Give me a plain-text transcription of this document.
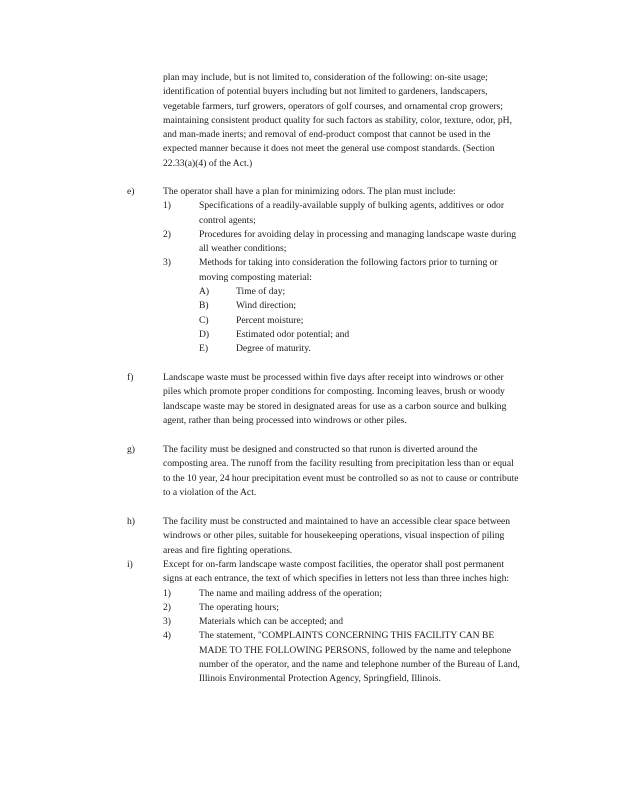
plan may include, but is not limited to, consideration of the following: on-site usage; identification of potential buyers including but not limited to gardeners, landscapers, vegetable farmers, turf growers, operators of golf courses, and ornamental crop growers; maintaining consistent product quality for such factors as stability, color, texture, odor, pH, and man-made inerts; and removal of end-product compost that cannot be used in the expected manner because it does not meet the general use compost standards. (Section 22.33(a)(4) of the Act.)

e)	The operator shall have a plan for minimizing odors. The plan must include:

1)	Specifications of a readily-available supply of bulking agents, additives or odor control agents;

2)	Procedures for avoiding delay in processing and managing landscape waste during all weather conditions;

3)	Methods for taking into consideration the following factors prior to turning or moving composting material:

A)	Time of day;

B)	Wind direction;

C)	Percent moisture;

D)	Estimated odor potential; and

E)	Degree of maturity.

f)	Landscape waste must be processed within five days after receipt into windrows or other piles which promote proper conditions for composting. Incoming leaves, brush or woody landscape waste may be stored in designated areas for use as a carbon source and bulking agent, rather than being processed into windrows or other piles.

g)	The facility must be designed and constructed so that runon is diverted around the composting area. The runoff from the facility resulting from precipitation less than or equal to the 10 year, 24 hour precipitation event must be controlled so as not to cause or contribute to a violation of the Act.

h)	The facility must be constructed and maintained to have an accessible clear space between windrows or other piles, suitable for housekeeping operations, visual inspection of piling areas and fire fighting operations.

i)	Except for on-farm landscape waste compost facilities, the operator shall post permanent signs at each entrance, the text of which specifies in letters not less than three inches high:

1)	The name and mailing address of the operation;

2)	The operating hours;

3)	Materials which can be accepted; and

4)	The statement, "COMPLAINTS CONCERNING THIS FACILITY CAN BE MADE TO THE FOLLOWING PERSONS, followed by the name and telephone number of the operator, and the name and telephone number of the Bureau of Land, Illinois Environmental Protection Agency, Springfield, Illinois.
